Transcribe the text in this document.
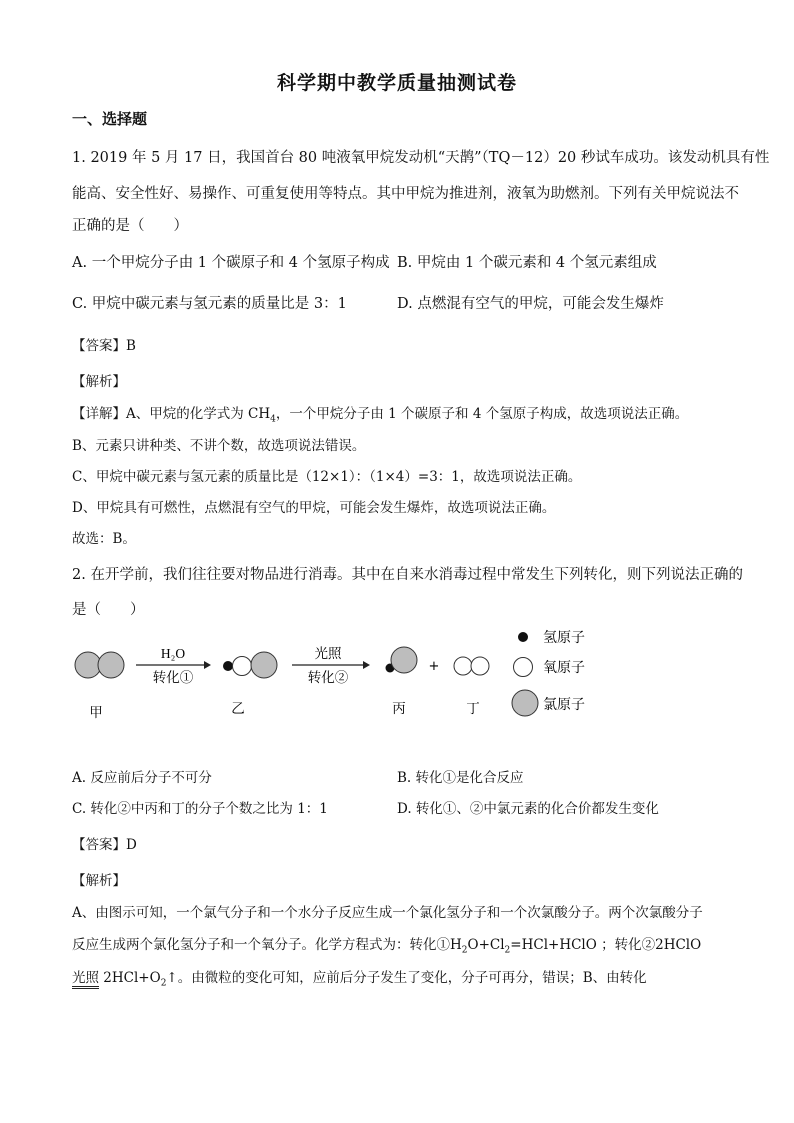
科学期中教学质量抽测试卷
一、选择题
1. 2019 年 5 月 17 日，我国首台 80 吨液氧甲烷发动机“天鹊”（TQ－12）20 秒试车成功。该发动机具有性
能高、安全性好、易操作、可重复使用等特点。其中甲烷为推进剂，液氧为助燃剂。下列有关甲烷说法不
正确的是（　　）
A. 一个甲烷分子由 1 个碳原子和 4 个氢原子构成 B. 甲烷由 1 个碳元素和 4 个氢元素组成
C. 甲烷中碳元素与氢元素的质量比是 3：1	D. 点燃混有空气的甲烷，可能会发生爆炸
【答案】B
【解析】
【详解】A、甲烷的化学式为 $CH_4$，一个甲烷分子由 1 个碳原子和 4 个氢原子构成，故选项说法正确。
B、元素只讲种类、不讲个数，故选项说法错误。
C、甲烷中碳元素与氢元素的质量比是（12×1）：（1×4）=3：1，故选项说法正确。
D、甲烷具有可燃性，点燃混有空气的甲烷，可能会发生爆炸，故选项说法正确。
故选：B。
2. 在开学前，我们往往要对物品进行消毒。其中在自来水消毒过程中常发生下列转化，则下列说法正确的
是（　　）
H₂O
转化①
光照
转化②
+
氢原子
氧原子
氯原子
甲	乙	丙	丁
A. 反应前后分子不可分	B. 转化①是化合反应
C. 转化②中丙和丁的分子个数之比为 1：1	D. 转化①、②中氯元素的化合价都发生变化
【答案】D
【解析】
A、由图示可知，一个氯气分子和一个水分子反应生成一个氯化氢分子和一个次氯酸分子。两个次氯酸分子
反应生成两个氯化氢分子和一个氧分子。化学方程式为：转化$①H_2O+Cl_2=HCl+HClO$ ；转化②2HClO
光照 $2HCl+O_2↑$。由微粒的变化可知，应前后分子发生了变化，分子可再分，错误；B、由转化
